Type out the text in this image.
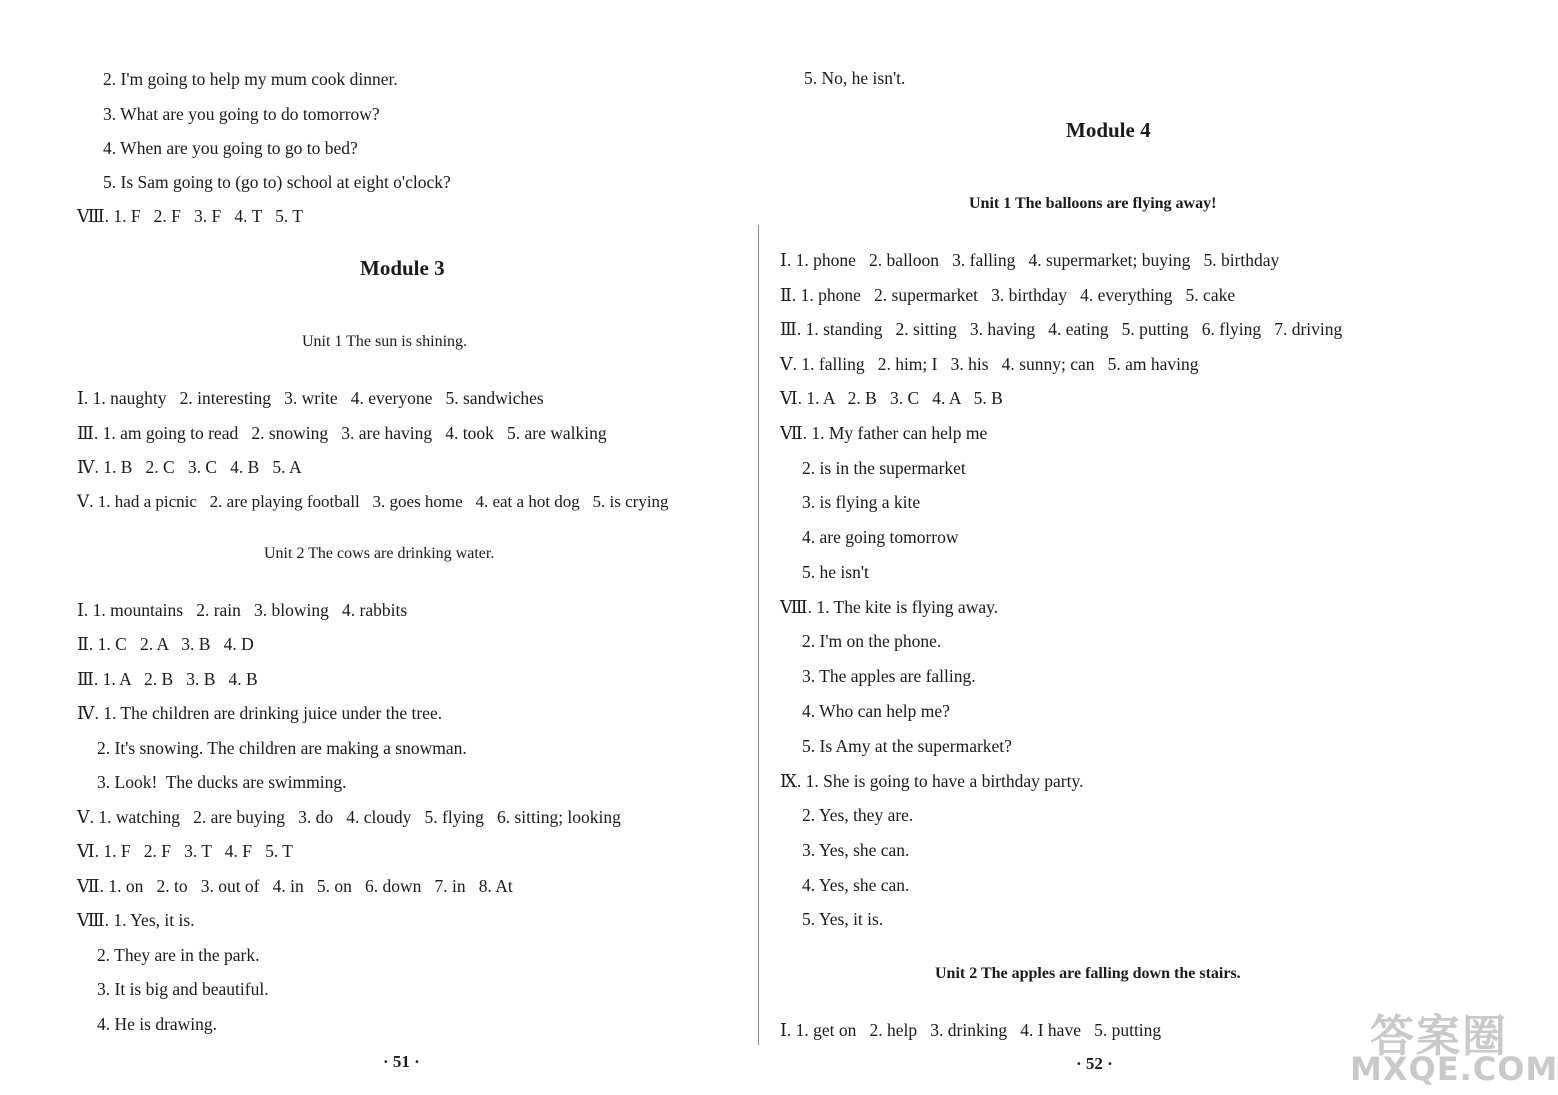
2. I'm going to help my mum cook dinner.
3. What are you going to do tomorrow?
4. When are you going to go to bed?
5. Is Sam going to (go to) school at eight o'clock?
Ⅷ. 1. F   2. F   3. F   4. T   5. T
Module 3
Unit 1 The sun is shining.
Ⅰ. 1. naughty   2. interesting   3. write   4. everyone   5. sandwiches
Ⅲ. 1. am going to read   2. snowing   3. are having   4. took   5. are walking
Ⅳ. 1. B   2. C   3. C   4. B   5. A
Ⅴ. 1. had a picnic   2. are playing football   3. goes home   4. eat a hot dog   5. is crying
Unit 2 The cows are drinking water.
Ⅰ. 1. mountains   2. rain   3. blowing   4. rabbits
Ⅱ. 1. C   2. A   3. B   4. D
Ⅲ. 1. A   2. B   3. B   4. B
Ⅳ. 1. The children are drinking juice under the tree.
2. It's snowing. The children are making a snowman.
3. Look!  The ducks are swimming.
Ⅴ. 1. watching   2. are buying   3. do   4. cloudy   5. flying   6. sitting; looking
Ⅵ. 1. F   2. F   3. T   4. F   5. T
Ⅶ. 1. on   2. to   3. out of   4. in   5. on   6. down   7. in   8. At
Ⅷ. 1. Yes, it is.
2. They are in the park.
3. It is big and beautiful.
4. He is drawing.
· 51 ·
5. No, he isn't.
Module 4
Unit 1 The balloons are flying away!
Ⅰ. 1. phone   2. balloon   3. falling   4. supermarket; buying   5. birthday
Ⅱ. 1. phone   2. supermarket   3. birthday   4. everything   5. cake
Ⅲ. 1. standing   2. sitting   3. having   4. eating   5. putting   6. flying   7. driving
Ⅴ. 1. falling   2. him; I   3. his   4. sunny; can   5. am having
Ⅵ. 1. A   2. B   3. C   4. A   5. B
Ⅶ. 1. My father can help me
2. is in the supermarket
3. is flying a kite
4. are going tomorrow
5. he isn't
Ⅷ. 1. The kite is flying away.
2. I'm on the phone.
3. The apples are falling.
4. Who can help me?
5. Is Amy at the supermarket?
Ⅸ. 1. She is going to have a birthday party.
2. Yes, they are.
3. Yes, she can.
4. Yes, she can.
5. Yes, it is.
Unit 2 The apples are falling down the stairs.
Ⅰ. 1. get on   2. help   3. drinking   4. I have   5. putting
· 52 ·
答案圈
MXQE.COM
